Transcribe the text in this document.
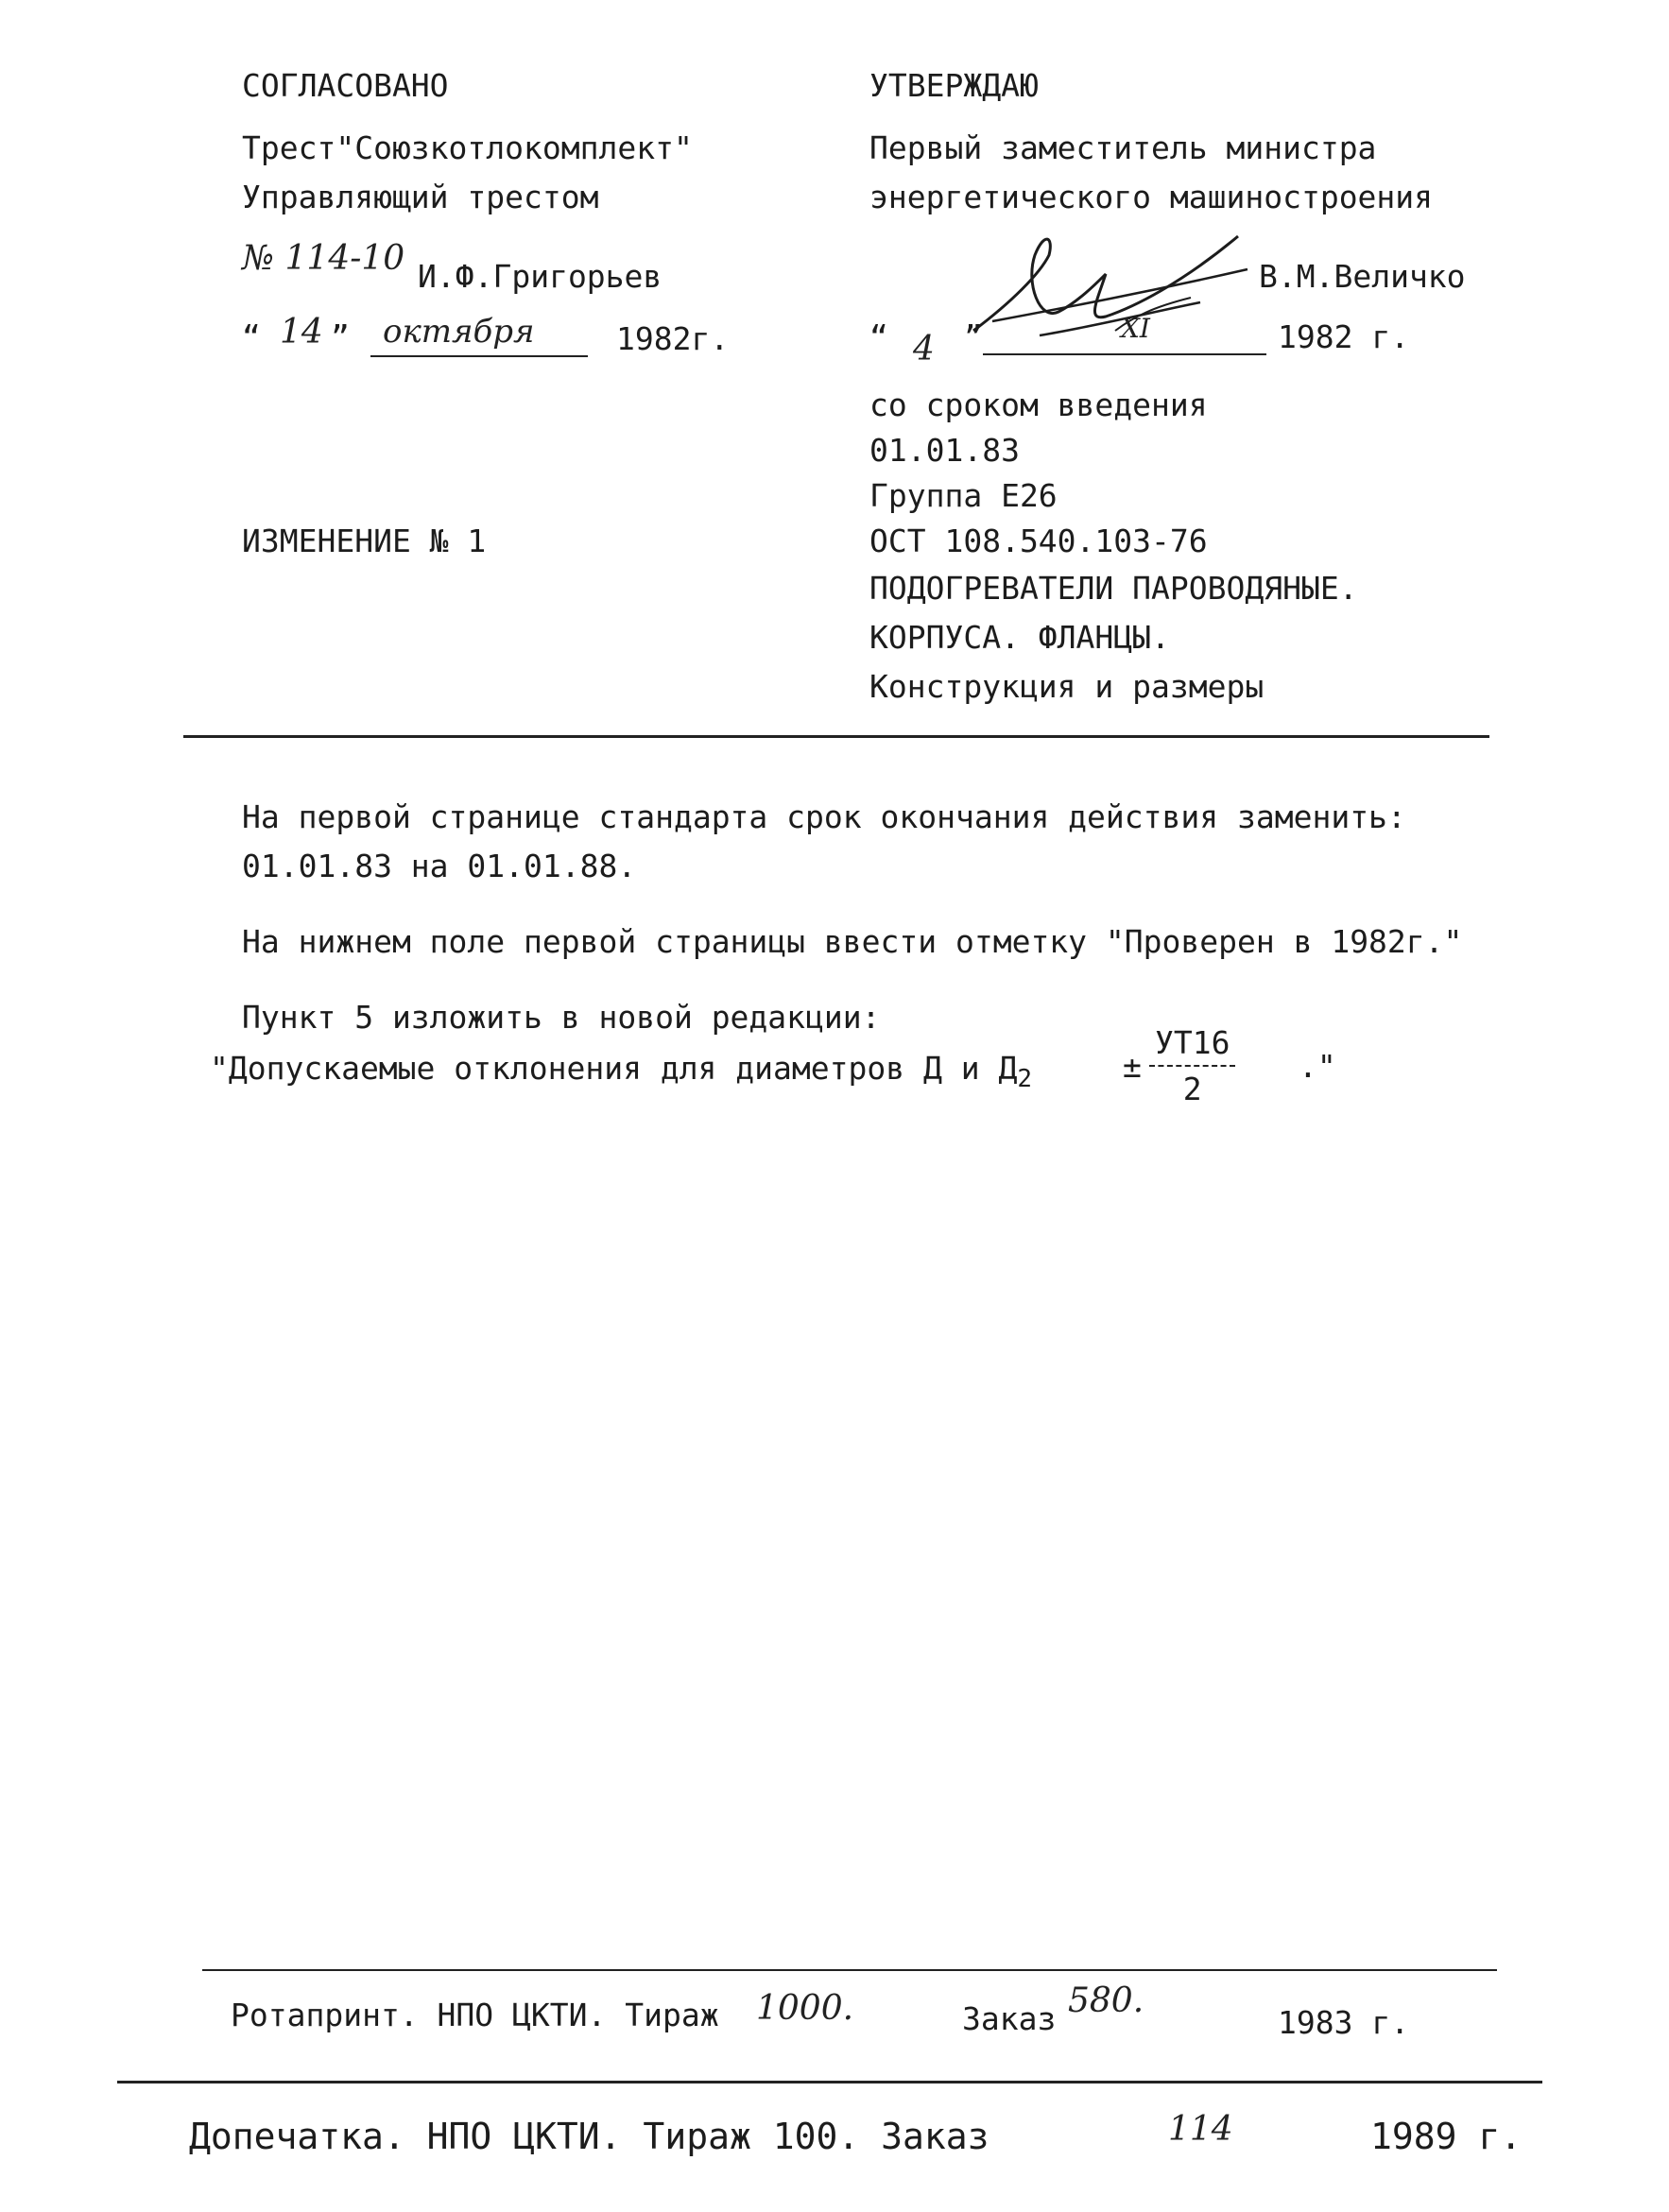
СОГЛАСОВАНО
Трест"Союзкотлокомплект"
Управляющий трестом
№ 114-10 И.Ф.Григорьев
“ 14 ” октября	1982г.
ИЗМЕНЕНИЕ № 1
УТВЕРЖДАЮ
Первый заместитель министра
энергетического машиностроения
В.М.Величко
“ 4 ”	XI	1982 г.
со сроком введения
01.01.83
Группа Е26
ОСТ 108.540.103-76
ПОДОГРЕВАТЕЛИ ПАРОВОДЯНЫЕ.
КОРПУСА. ФЛАНЦЫ.
Конструкция и размеры
На первой странице стандарта срок окончания действия заменить:
01.01.83 на 01.01.88.
На нижнем поле первой страницы ввести отметку "Проверен в 1982г."
Пункт 5 изложить в новой редакции:
"Допускаемые отклонения для диаметров Д и $Д_2$	±
УТ16
2
."
Ротапринт. НПО ЦКТИ. Тираж 1000.	Заказ 580.
1983 г.
Допечатка. НПО ЦКТИ. Тираж 100. Заказ	114	1989 г.
